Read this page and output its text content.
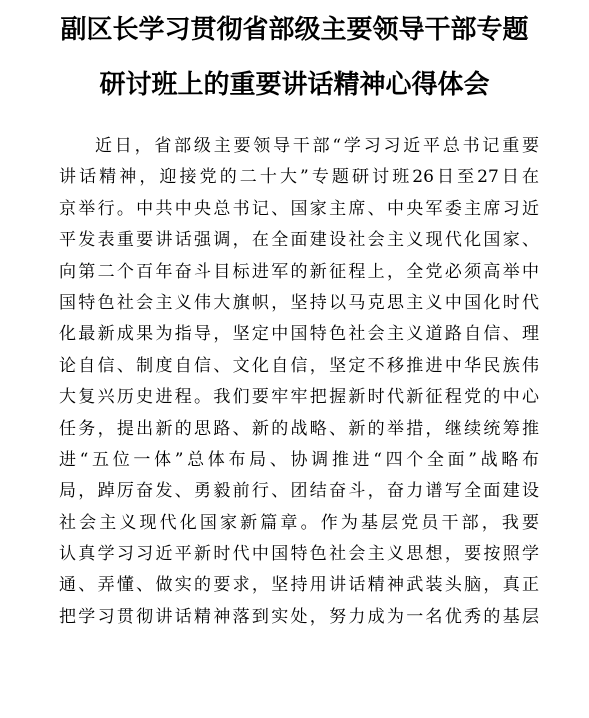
副区长学习贯彻省部级主要领导干部专题
研讨班上的重要讲话精神心得体会
近日，省部级主要领导干部“学习习近平总书记重要
讲话精神，迎接党的二十大”专题研讨班26日至27日在
京举行。中共中央总书记、国家主席、中央军委主席习近
平发表重要讲话强调，在全面建设社会主义现代化国家、
向第二个百年奋斗目标进军的新征程上，全党必须高举中
国特色社会主义伟大旗帜，坚持以马克思主义中国化时代
化最新成果为指导，坚定中国特色社会主义道路自信、理
论自信、制度自信、文化自信，坚定不移推进中华民族伟
大复兴历史进程。我们要牢牢把握新时代新征程党的中心
任务，提出新的思路、新的战略、新的举措，继续统筹推
进“五位一体”总体布局、协调推进“四个全面”战略布
局，踔厉奋发、勇毅前行、团结奋斗，奋力谱写全面建设
社会主义现代化国家新篇章。作为基层党员干部，我要
认真学习习近平新时代中国特色社会主义思想，要按照学
通、弄懂、做实的要求，坚持用讲话精神武装头脑，真正
把学习贯彻讲话精神落到实处，努力成为一名优秀的基层
